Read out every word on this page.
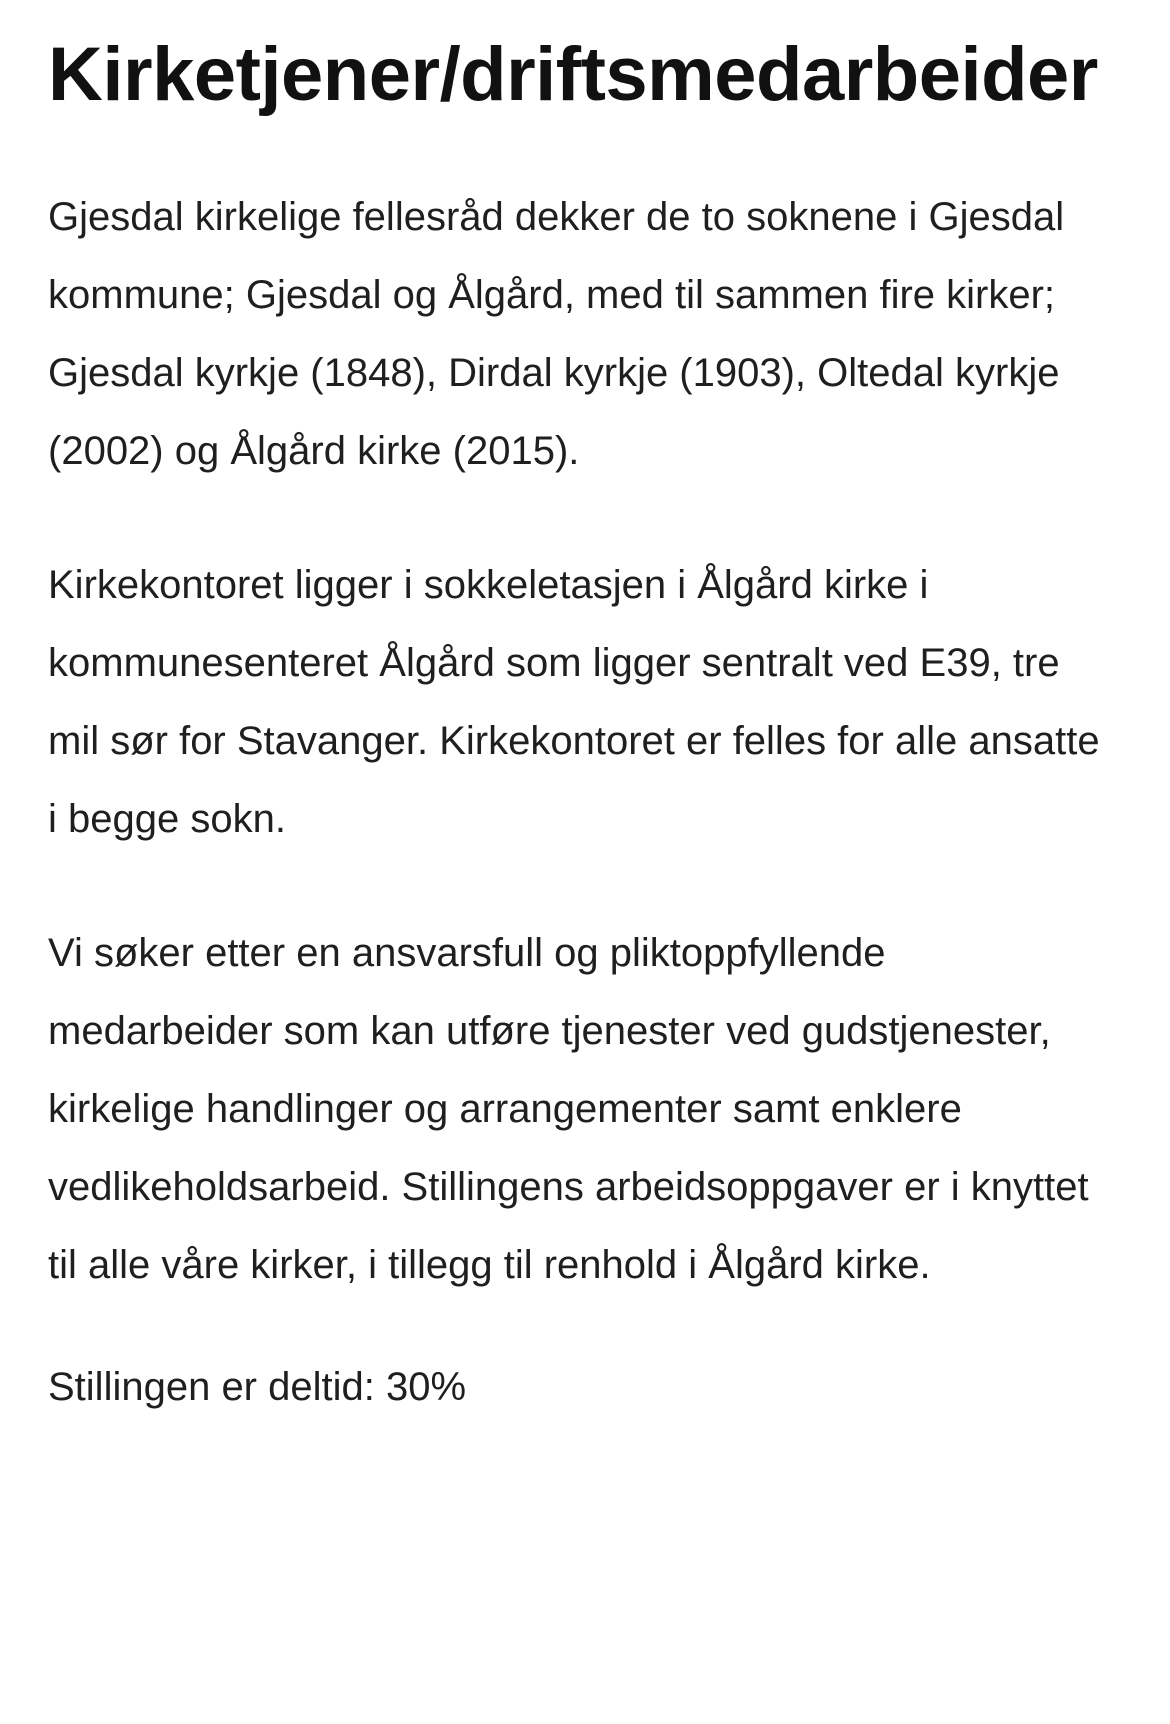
Kirketjener/driftsmedarbeider

Gjesdal kirkelige fellesråd dekker de to soknene i Gjesdal kommune; Gjesdal og Ålgård, med til sammen fire kirker; Gjesdal kyrkje (1848), Dirdal kyrkje (1903), Oltedal kyrkje (2002) og Ålgård kirke (2015).

Kirkekontoret ligger i sokkeletasjen i Ålgård kirke i kommunesenteret Ålgård som ligger sentralt ved E39, tre mil sør for Stavanger. Kirkekontoret er felles for alle ansatte i begge sokn.

Vi søker etter en ansvarsfull og pliktoppfyllende medarbeider som kan utføre tjenester ved gudstjenester, kirkelige handlinger og arrangementer samt enklere vedlikeholdsarbeid. Stillingens arbeidsoppgaver er i knyttet til alle våre kirker, i tillegg til renhold i Ålgård kirke.

Stillingen er deltid: 30%
